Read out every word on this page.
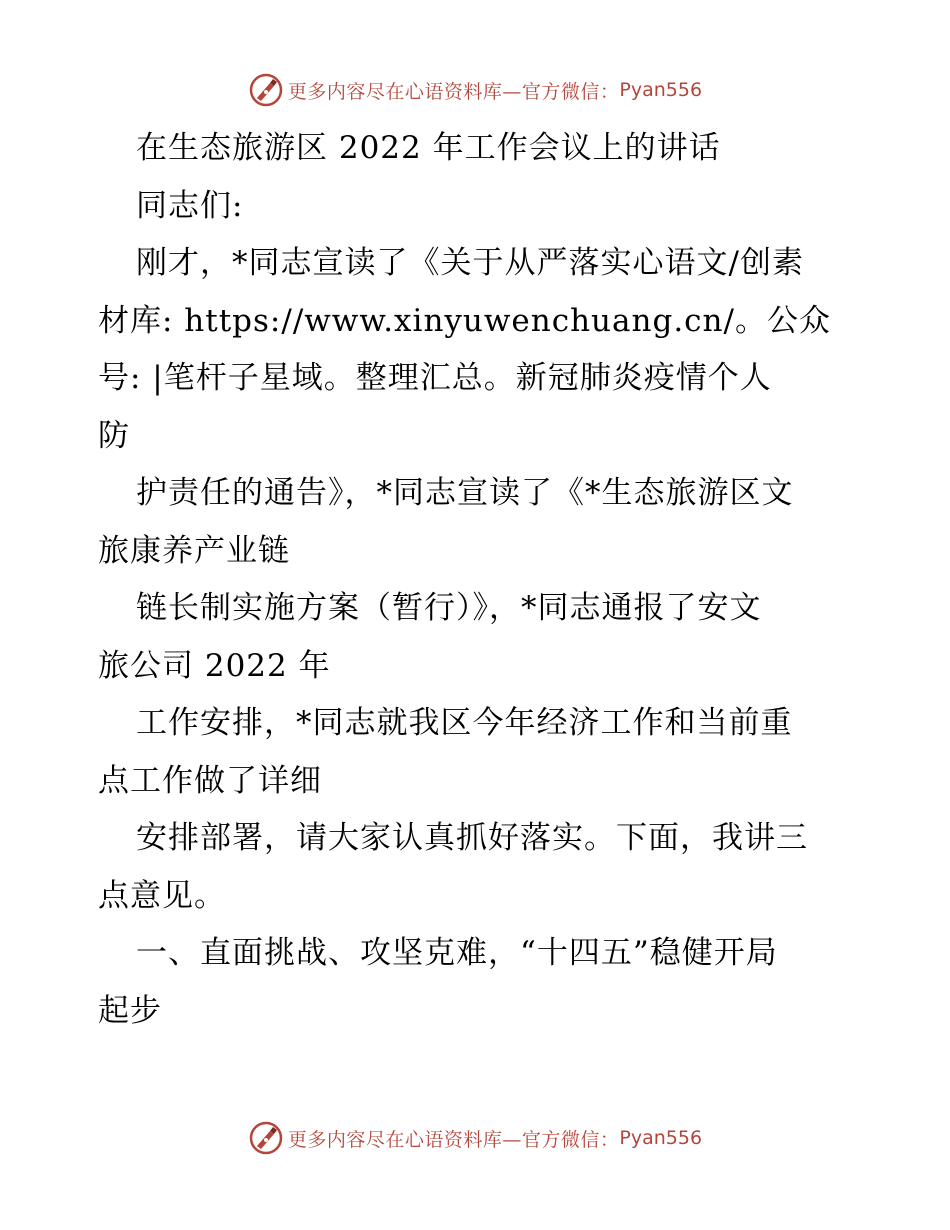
更多内容尽在心语资料库—官方微信： Pyan556

在生态旅游区 2022 年工作会议上的讲话

同志们:

刚才，*同志宣读了《关于从严落实心语文/创素

材库: https://www.xinyuwenchuang.cn/。公众

号: |笔杆子星域。整理汇总。新冠肺炎疫情个人

防

护责任的通告》，*同志宣读了《*生态旅游区文

旅康养产业链

链长制实施方案（暂行）》，*同志通报了安文

旅公司 2022 年

工作安排，*同志就我区今年经济工作和当前重

点工作做了详细

安排部署，请大家认真抓好落实。下面，我讲三

点意见。

一、直面挑战、攻坚克难，“十四五”稳健开局

起步

更多内容尽在心语资料库—官方微信： Pyan556
